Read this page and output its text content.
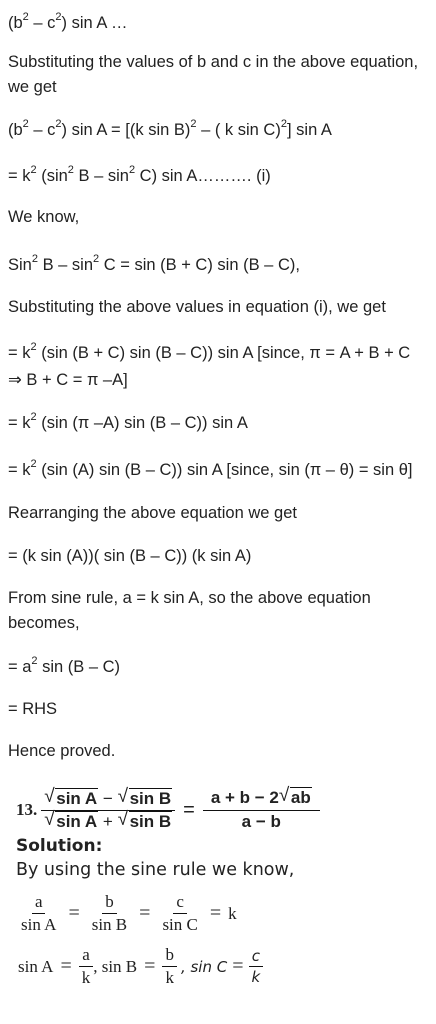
$(b^2 - c^2)$ sin A …
Substituting the values of b and c in the above equation,
we get
$(b^2 - c^2)$ sin A = [(k sin B)$^2$ – ( k sin C)$^2$] sin A
= $k^2$ ($\sin^2$ B – $\sin^2 C$) sin A………. (i)
We know,
Sin$^2$ $B - \sin^2 C = \sin (B + C)$ sin (B – C),
Substituting the above values in equation (i), we get
= $k^2$ (sin (B + C) sin (B – C)) sin A [since, π = A + B + C
⇒ B + C = π –A]
= $k^2$ (sin (π –A) sin (B – C)) sin A
= $k^2$ (sin (A) sin (B – C)) sin A [since, sin (π – θ) = sin θ]
Rearranging the above equation we get
= (k sin (A))( sin (B – C)) (k sin A)
From sine rule, a = k sin A, so the above equation
becomes,
= $a^2$ sin (B – C)
= RHS
Hence proved.
13. √ sin A − √ sin B
√ sin A + √ $\sin B = \frac{a + b - 2 √ ab}{a - b}$
Solution:
By using the sine rule we know,
$\frac{a}{\text{sin A}} = \frac{b}{\text{sin B}} = \frac{c}{\text{sin C}} = k$
$\sin A = \frac{a}{k}$ , $\sin B = \frac{b}{k}$ , $\sin C = \frac{c}{k}$
